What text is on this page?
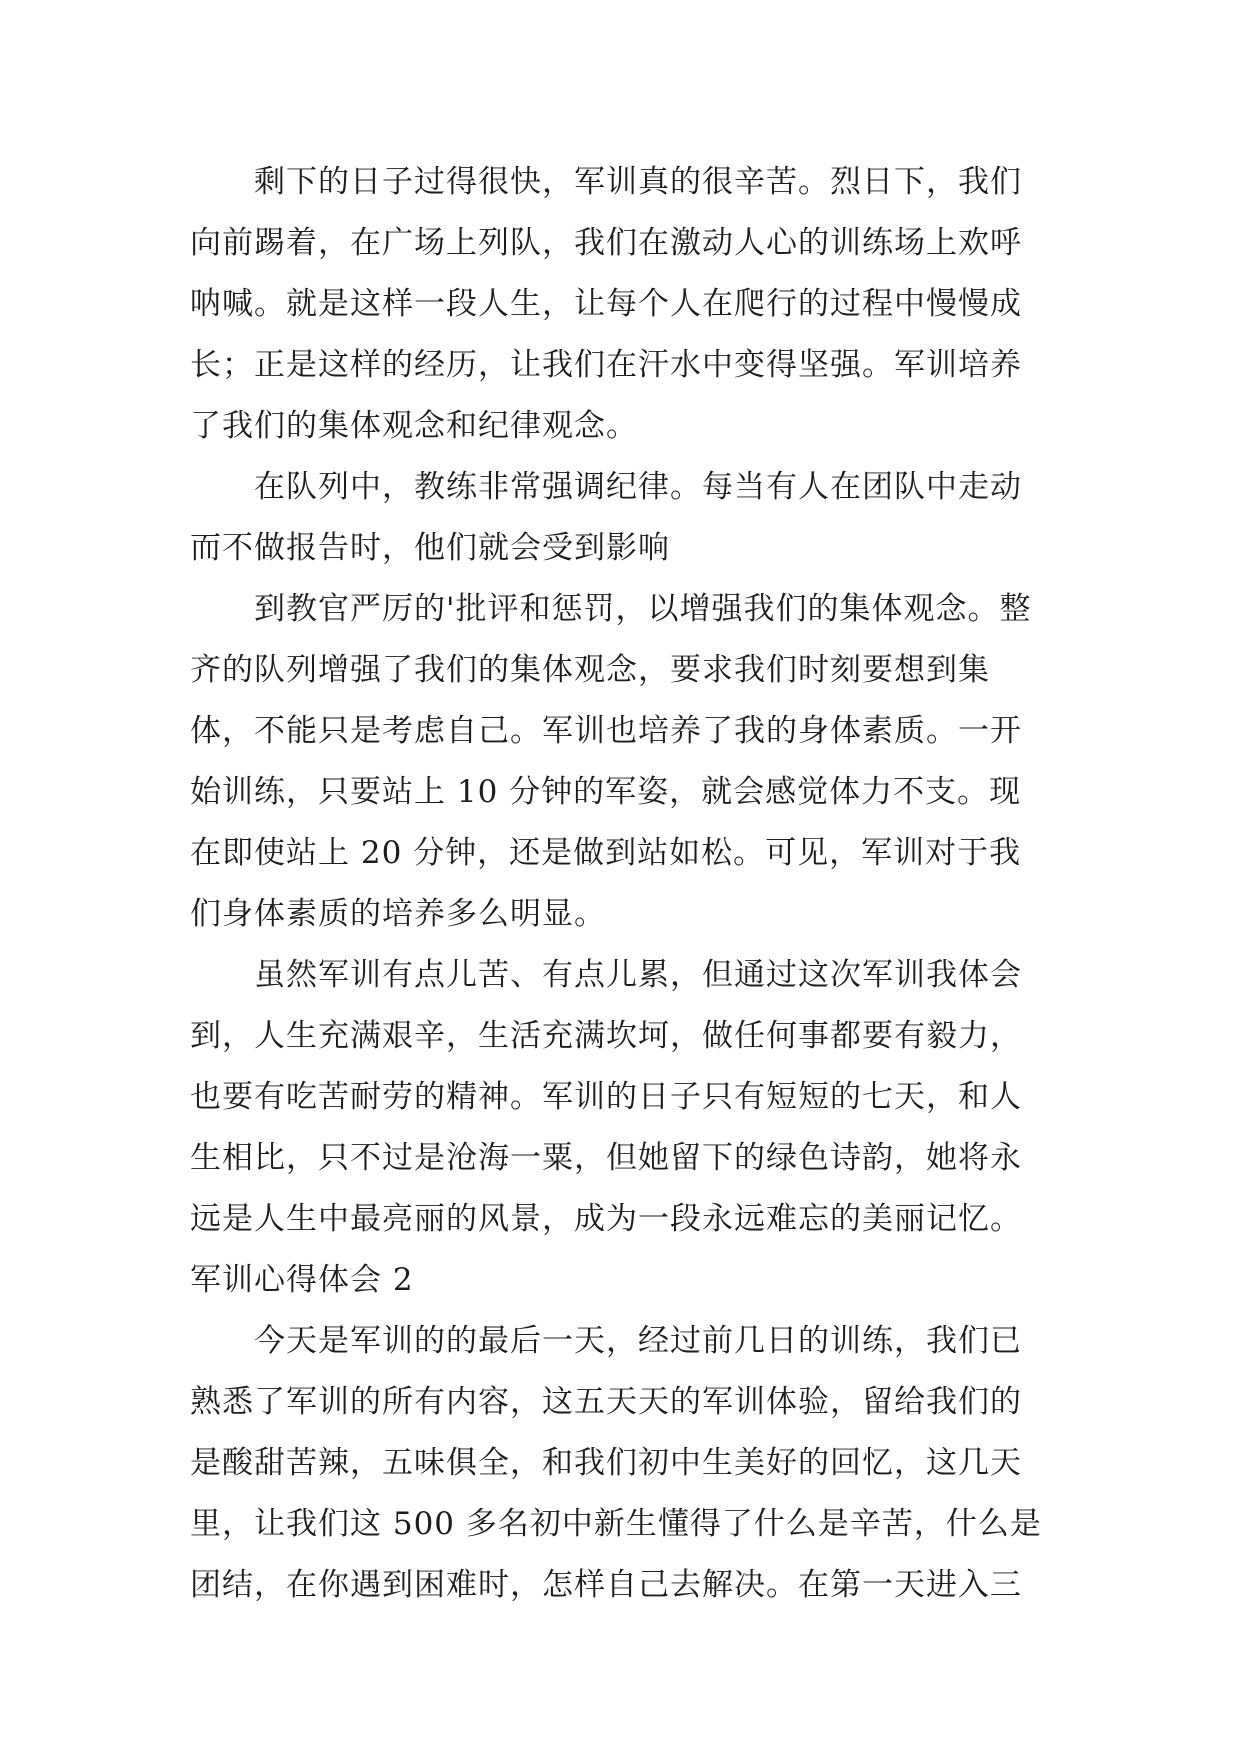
剩下的日子过得很快，军训真的很辛苦。烈日下，我们向前踢着，在广场上列队，我们在激动人心的训练场上欢呼呐喊。就是这样一段人生，让每个人在爬行的过程中慢慢成长；正是这样的经历，让我们在汗水中变得坚强。军训培养了我们的集体观念和纪律观念。

在队列中，教练非常强调纪律。每当有人在团队中走动而不做报告时，他们就会受到影响

到教官严厉的'批评和惩罚，以增强我们的集体观念。整齐的队列增强了我们的集体观念，要求我们时刻要想到集体，不能只是考虑自己。军训也培养了我的身体素质。一开始训练，只要站上 10 分钟的军姿，就会感觉体力不支。现在即使站上 20 分钟，还是做到站如松。可见，军训对于我们身体素质的培养多么明显。

虽然军训有点儿苦、有点儿累，但通过这次军训我体会到，人生充满艰辛，生活充满坎坷，做任何事都要有毅力，也要有吃苦耐劳的精神。军训的日子只有短短的七天，和人生相比，只不过是沧海一粟，但她留下的绿色诗韵，她将永远是人生中最亮丽的风景，成为一段永远难忘的美丽记忆。

军训心得体会 2

今天是军训的的最后一天，经过前几日的训练，我们已熟悉了军训的所有内容，这五天天的军训体验，留给我们的是酸甜苦辣，五味俱全，和我们初中生美好的回忆，这几天里，让我们这 500 多名初中新生懂得了什么是辛苦，什么是团结，在你遇到困难时，怎样自己去解决。在第一天进入三
